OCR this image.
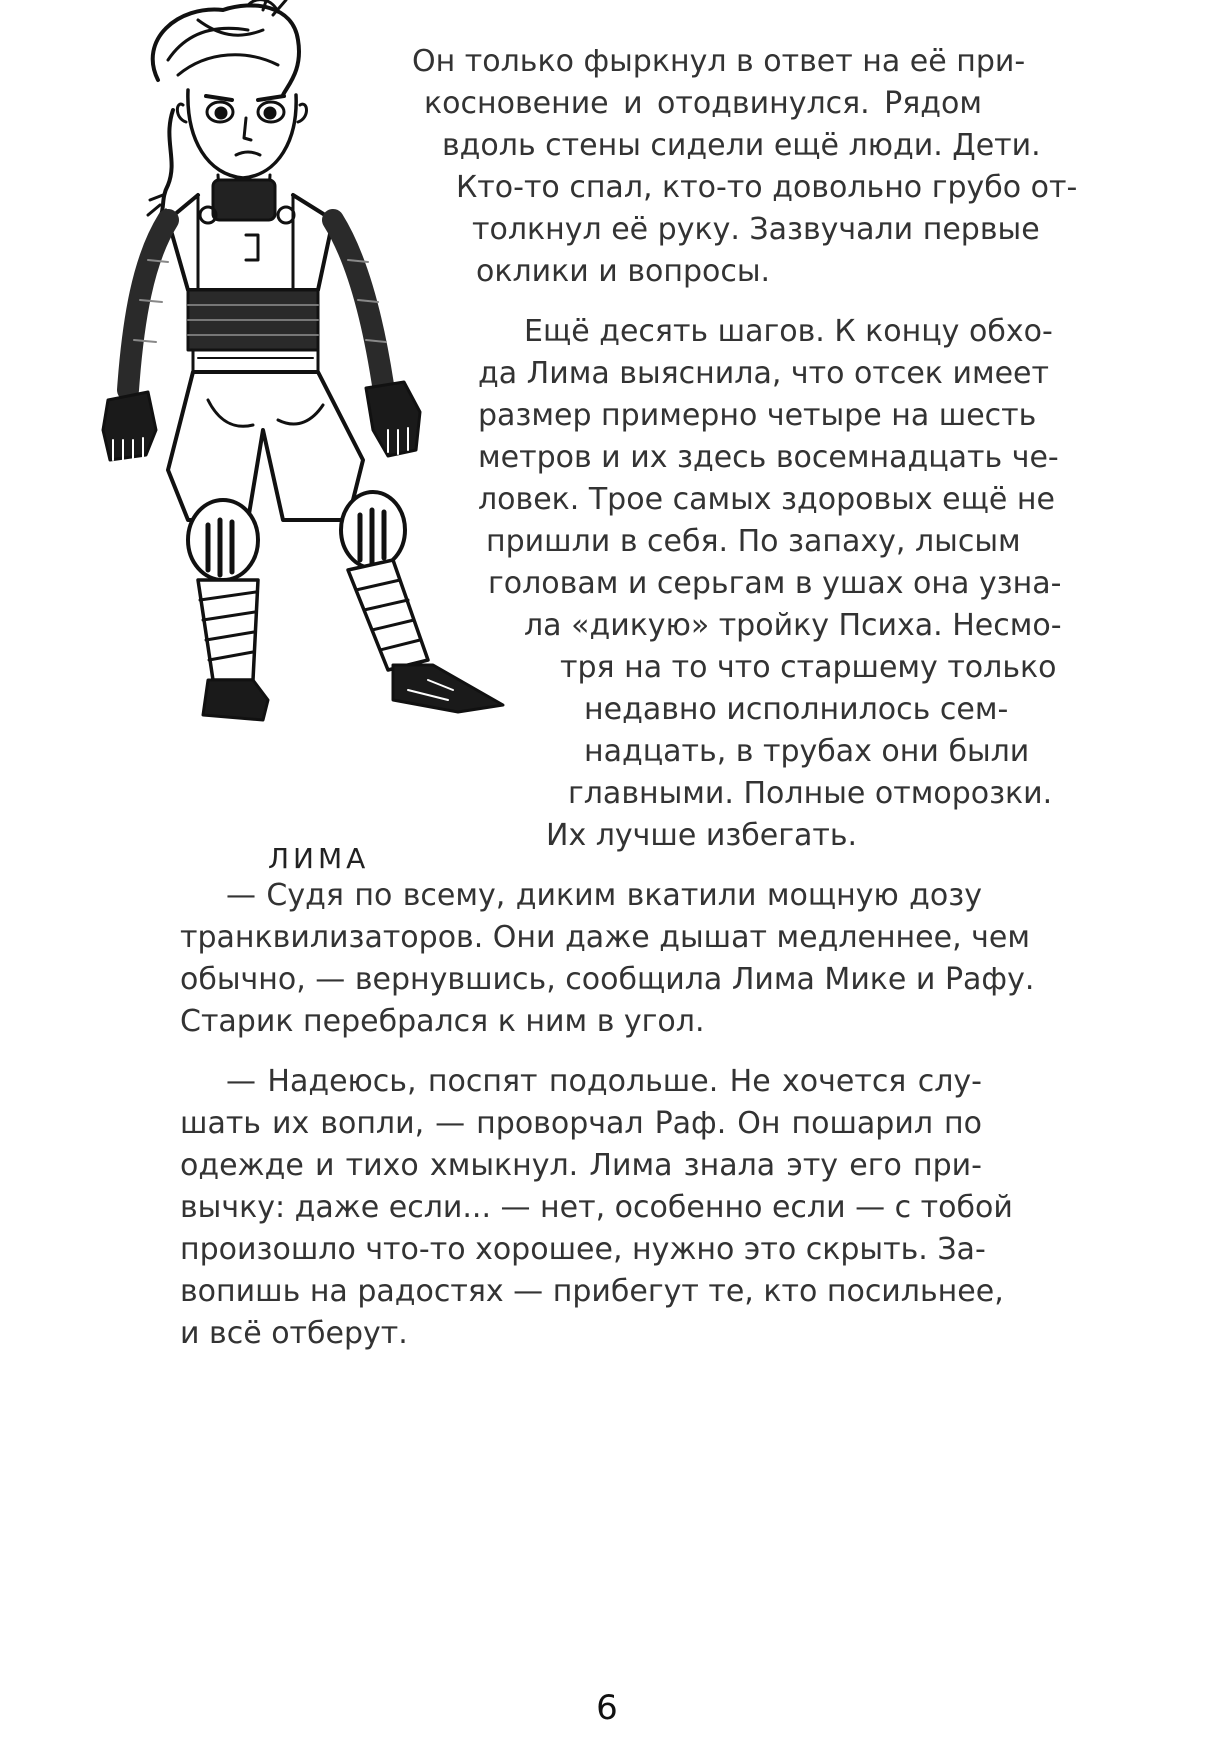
ЛИМА
Он только фыркнул в ответ на её при-
косновение и отодвинулся. Рядом
вдоль стены сидели ещё люди. Дети.
Кто-то спал, кто-то довольно грубо от-
толкнул её руку. Зазвучали первые
оклики и вопросы.
Ещё десять шагов. К концу обхо-
да Лима выяснила, что отсек имеет
размер примерно четыре на шесть
метров и их здесь восемнадцать че-
ловек. Трое самых здоровых ещё не
пришли в себя. По запаху, лысым
головам и серьгам в ушах она узна-
ла «дикую» тройку Психа. Несмо-
тря на то что старшему только
недавно исполнилось сем-
надцать, в трубах они были
главными. Полные отморозки.
Их лучше избегать.
— Судя по всему, диким вкатили мощную дозу
транквилизаторов. Они даже дышат медленнее, чем
обычно, — вернувшись, сообщила Лима Мике и Рафу.
Старик перебрался к ним в угол.
— Надеюсь, поспят подольше. Не хочется слу-
шать их вопли, — проворчал Раф. Он пошарил по
одежде и тихо хмыкнул. Лима знала эту его при-
вычку: даже если... — нет, особенно если — с тобой
произошло что-то хорошее, нужно это скрыть. За-
вопишь на радостях — прибегут те, кто посильнее,
и всё отберут.
6
